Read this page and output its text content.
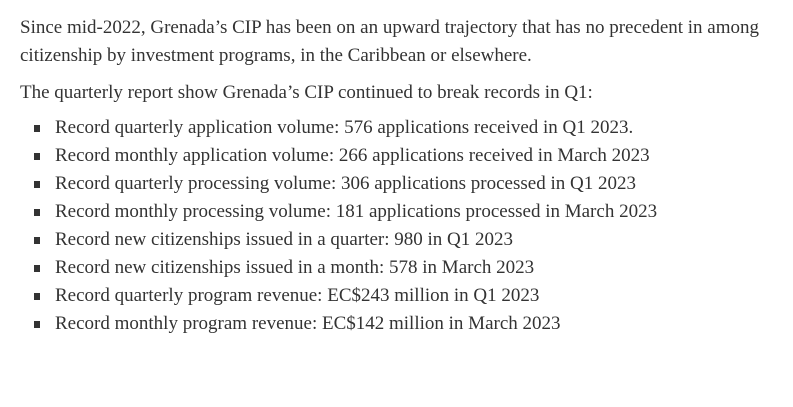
Since mid-2022, Grenada’s CIP has been on an upward trajectory that has no precedent in among citizenship by investment programs, in the Caribbean or elsewhere.

The quarterly report show Grenada’s CIP continued to break records in Q1:

Record quarterly application volume: 576 applications received in Q1 2023.
Record monthly application volume: 266 applications received in March 2023
Record quarterly processing volume: 306 applications processed in Q1 2023
Record monthly processing volume: 181 applications processed in March 2023
Record new citizenships issued in a quarter: 980 in Q1 2023
Record new citizenships issued in a month: 578 in March 2023
Record quarterly program revenue: EC$243 million in Q1 2023
Record monthly program revenue: EC$142 million in March 2023
